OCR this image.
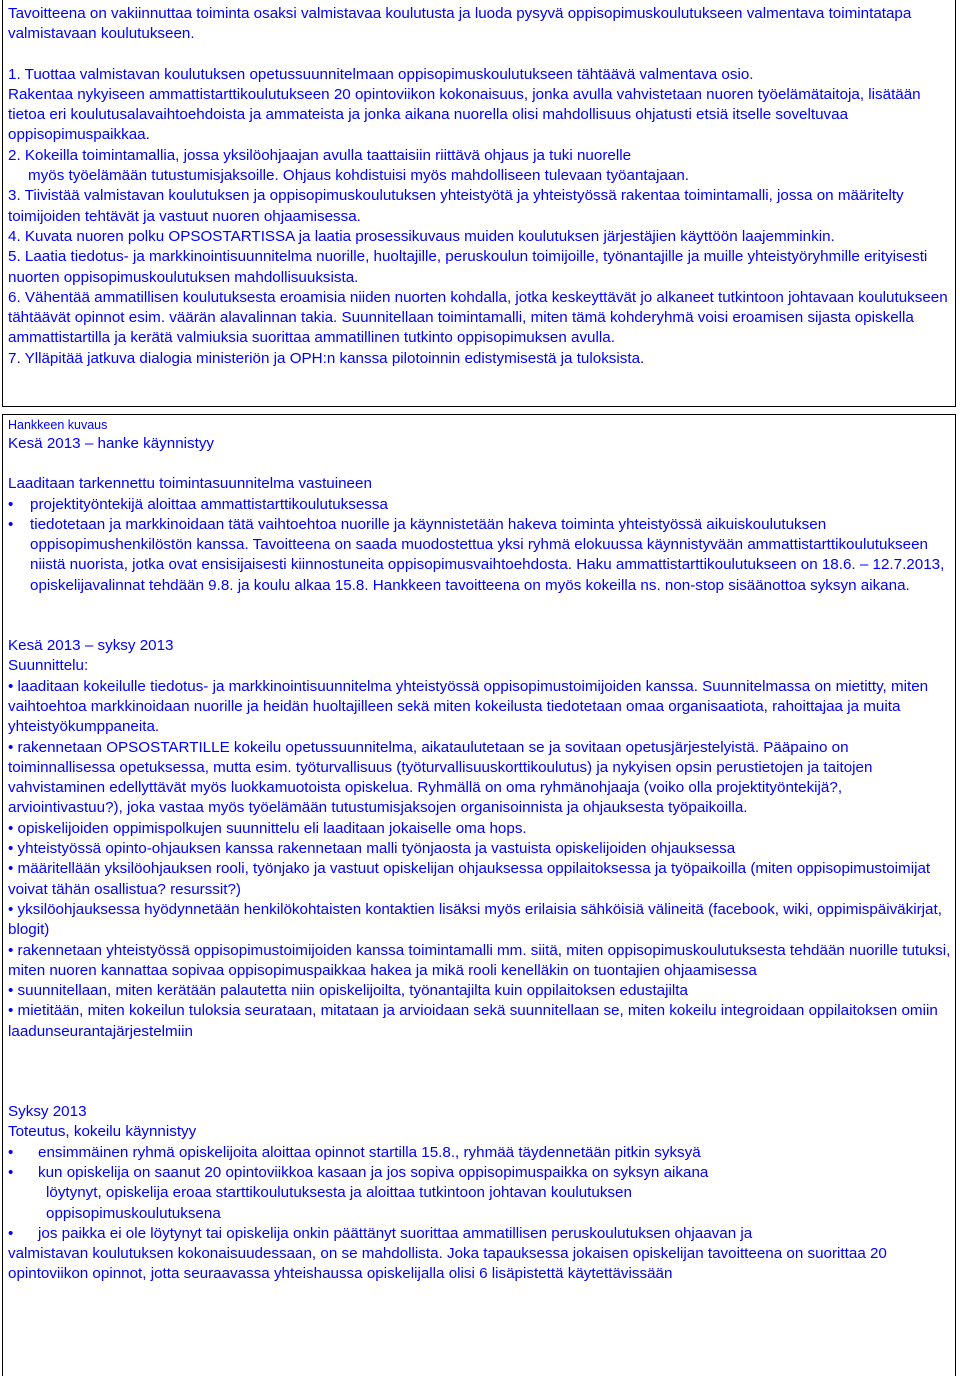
Tavoitteena on vakiinnuttaa toiminta osaksi valmistavaa koulutusta ja luoda pysyvä oppisopimuskoulutukseen valmentava toimintatapa valmistavaan koulutukseen.
1. Tuottaa valmistavan koulutuksen opetussuunnitelmaan oppisopimuskoulutukseen tähtäävä valmentava osio.
Rakentaa nykyiseen ammattistarttikoulutukseen 20 opintoviikon kokonaisuus, jonka avulla vahvistetaan nuoren työelämätaitoja, lisätään tietoa eri koulutusalavaihtoehdoista ja ammateista ja jonka aikana nuorella olisi mahdollisuus ohjatusti etsiä itselle soveltuvaa oppisopimuspaikkaa.
2. Kokeilla toimintamallia, jossa yksilöohjaajan avulla taattaisiin riittävä ohjaus ja tuki nuorelle
myös työelämään tutustumisjaksoille. Ohjaus kohdistuisi myös mahdolliseen tulevaan työantajaan.
3. Tiivistää valmistavan koulutuksen ja oppisopimuskoulutuksen yhteistyötä ja yhteistyössä rakentaa toimintamalli, jossa on määritelty toimijoiden tehtävät ja vastuut nuoren ohjaamisessa.
4. Kuvata nuoren polku OPSOSTARTISSA ja laatia prosessikuvaus muiden koulutuksen järjestäjien käyttöön laajemminkin.
5. Laatia tiedotus- ja markkinointisuunnitelma nuorille, huoltajille, peruskoulun toimijoille, työnantajille ja muille yhteistyöryhmille erityisesti nuorten oppisopimuskoulutuksen mahdollisuuksista.
6. Vähentää ammatillisen koulutuksesta eroamisia niiden nuorten kohdalla, jotka keskeyttävät jo alkaneet tutkintoon johtavaan koulutukseen tähtäävät opinnot esim. väärän alavalinnan takia. Suunnitellaan toimintamalli, miten tämä kohderyhmä voisi eroamisen sijasta opiskella ammattistartilla ja kerätä valmiuksia suorittaa ammatillinen tutkinto oppisopimuksen avulla.
7. Ylläpitää jatkuva dialogia ministeriön ja OPH:n kanssa pilotoinnin edistymisestä ja tuloksista.
Hankkeen kuvaus
Kesä 2013 – hanke käynnistyy
Laaditaan tarkennettu toimintasuunnitelma vastuineen
• projektityöntekijä aloittaa ammattistarttikoulutuksessa
• tiedotetaan ja markkinoidaan tätä vaihtoehtoa nuorille ja käynnistetään hakeva toiminta yhteistyössä aikuiskoulutuksen oppisopimushenkilöstön kanssa. Tavoitteena on saada muodostettua yksi ryhmä elokuussa käynnistyvään ammattistarttikoulutukseen niistä nuorista, jotka ovat ensisijaisesti kiinnostuneita oppisopimusvaihtoehdosta. Haku ammattistarttikoulutukseen on 18.6. – 12.7.2013, opiskelijavalinnat tehdään 9.8. ja koulu alkaa 15.8. Hankkeen tavoitteena on myös kokeilla ns. non-stop sisäänottoa syksyn aikana.
Kesä 2013 – syksy 2013
Suunnittelu:
• laaditaan kokeilulle tiedotus- ja markkinointisuunnitelma yhteistyössä oppisopimustoimijoiden kanssa. Suunnitelmassa on mietitty, miten vaihtoehtoa markkinoidaan nuorille ja heidän huoltajilleen sekä miten kokeilusta tiedotetaan omaa organisaatiota, rahoittajaa ja muita yhteistyökumppaneita.
• rakennetaan OPSOSTARTILLE kokeilu opetussuunnitelma, aikataulutetaan se ja sovitaan opetusjärjestelyistä. Pääpaino on toiminnallisessa opetuksessa, mutta esim. työturvallisuus (työturvallisuuskorttikoulutus) ja nykyisen opsin perustietojen ja taitojen vahvistaminen edellyttävät myös luokkamuotoista opiskelua. Ryhmällä on oma ryhmänohjaaja (voiko olla projektityöntekijä?, arviointivastuu?), joka vastaa myös työelämään tutustumisjaksojen organisoinnista ja ohjauksesta työpaikoilla.
• opiskelijoiden oppimispolkujen suunnittelu eli laaditaan jokaiselle oma hops.
• yhteistyössä opinto-ohjauksen kanssa rakennetaan malli työnjaosta ja vastuista opiskelijoiden ohjauksessa
• määritellään yksilöohjauksen rooli, työnjako ja vastuut opiskelijan ohjauksessa oppilaitoksessa ja työpaikoilla (miten oppisopimustoimijat voivat tähän osallistua? resurssit?)
• yksilöohjauksessa hyödynnetään henkilökohtaisten kontaktien lisäksi myös erilaisia sähköisiä välineitä (facebook, wiki, oppimispäiväkirjat, blogit)
• rakennetaan yhteistyössä oppisopimustoimijoiden kanssa toimintamalli mm. siitä, miten oppisopimuskoulutuksesta tehdään nuorille tutuksi, miten nuoren kannattaa sopivaa oppisopimuspaikkaa hakea ja mikä rooli kenelläkin on tuontajien ohjaamisessa
• suunnitellaan, miten kerätään palautetta niin opiskelijoilta, työnantajilta kuin oppilaitoksen edustajilta
• mietitään, miten kokeilun tuloksia seurataan, mitataan ja arvioidaan sekä suunnitellaan se, miten kokeilu integroidaan oppilaitoksen omiin laadunseurantajärjestelmiin
Syksy 2013
Toteutus, kokeilu käynnistyy
• ensimmäinen ryhmä opiskelijoita aloittaa opinnot startilla 15.8., ryhmää täydennetään pitkin syksyä
• kun opiskelija on saanut 20 opintoviikkoa kasaan ja jos sopiva oppisopimuspaikka on syksyn aikana
löytynyt, opiskelija eroaa starttikoulutuksesta ja aloittaa tutkintoon johtavan koulutuksen
oppisopimuskoulutuksena
• jos paikka ei ole löytynyt tai opiskelija onkin päättänyt suorittaa ammatillisen peruskoulutuksen ohjaavan ja
valmistavan koulutuksen kokonaisuudessaan, on se mahdollista. Joka tapauksessa jokaisen opiskelijan tavoitteena on suorittaa 20 opintoviikon opinnot, jotta seuraavassa yhteishaussa opiskelijalla olisi 6 lisäpistettä käytettävissään
